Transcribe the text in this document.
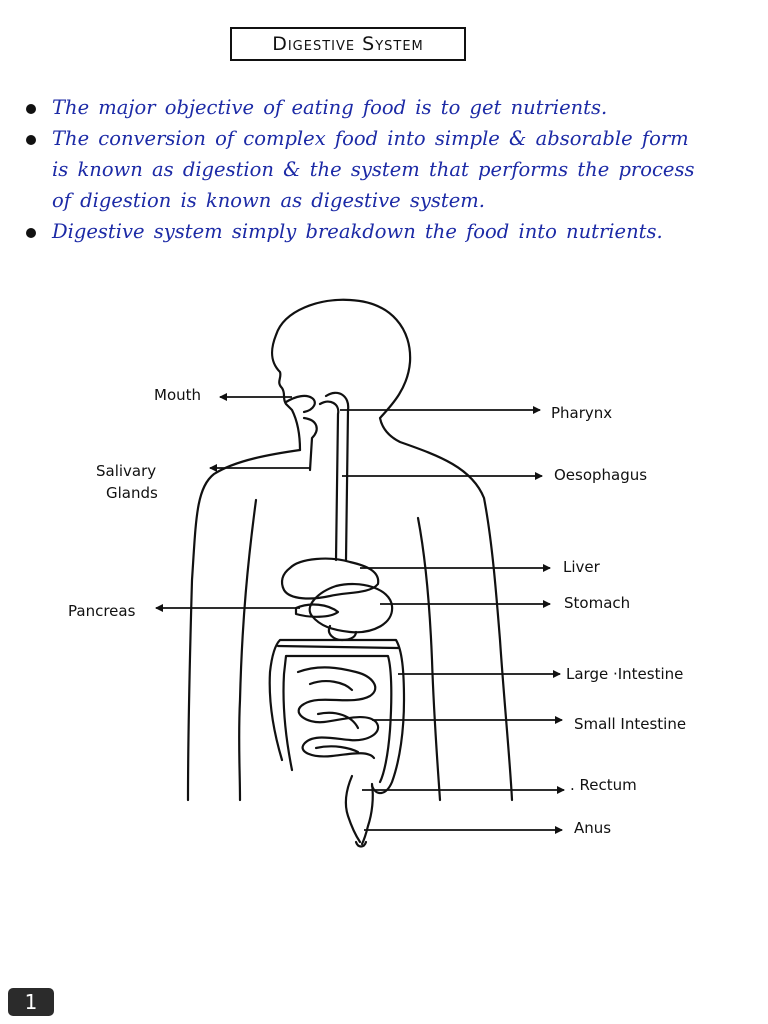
Digestive System
The major objective of eating food is to get nutrients.
The conversion of complex food into simple & absorable form is known as digestion & the system that performs the process of digestion is known as digestive system.
Digestive system simply breakdown the food into nutrients.
Mouth
Salivary
Glands
Pancreas
Pharynx
Oesophagus
Liver
Stomach
Large ·Intestine
Small Intestine
. Rectum
Anus
1
